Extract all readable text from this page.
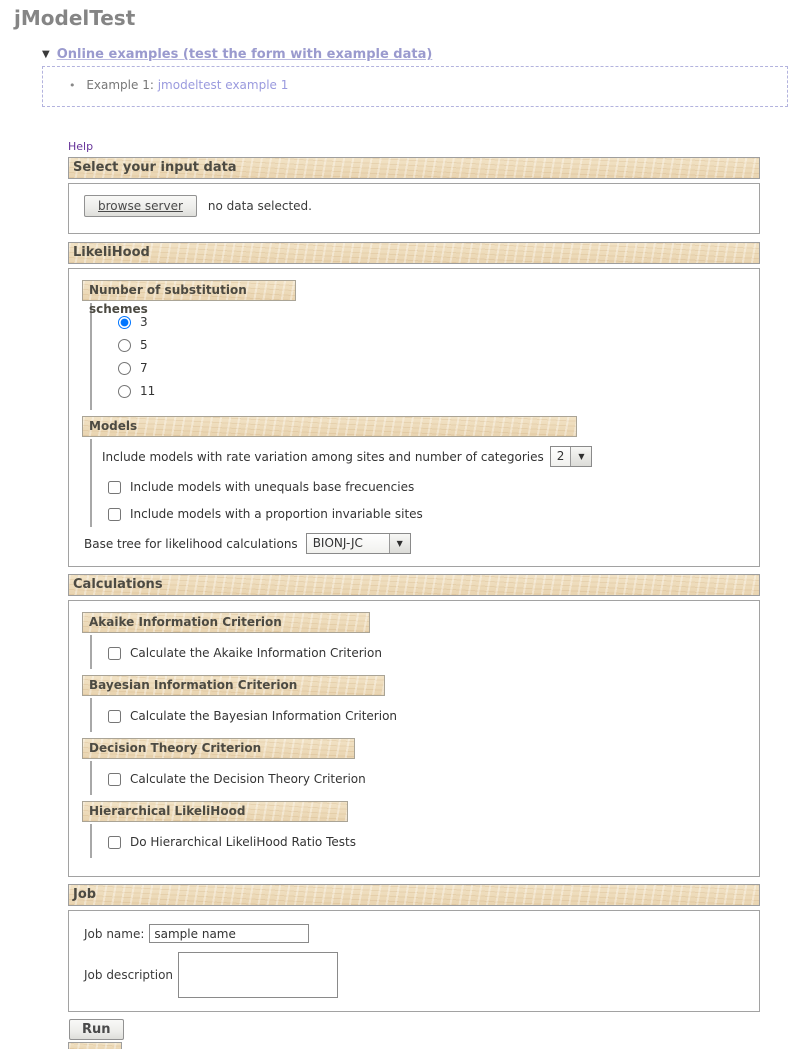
jModelTest
▼ Online examples (test the form with example data)
• Example 1: jmodeltest example 1
Help
Select your input data
browse server	no data selected.
LikeliHood
Number of substitution schemes
3
5
7
11
Models
Include models with rate variation among sites and number of categories	2	▼
Include models with unequals base frecuencies
Include models with a proportion invariable sites
Base tree for likelihood calculations	BIONJ-JC	▼
Calculations
Akaike Information Criterion
Calculate the Akaike Information Criterion
Bayesian Information Criterion
Calculate the Bayesian Information Criterion
Decision Theory Criterion
Calculate the Decision Theory Criterion
Hierarchical LikeliHood
Do Hierarchical LikeliHood Ratio Tests
Job
Job name:
sample name
Job description
Run
